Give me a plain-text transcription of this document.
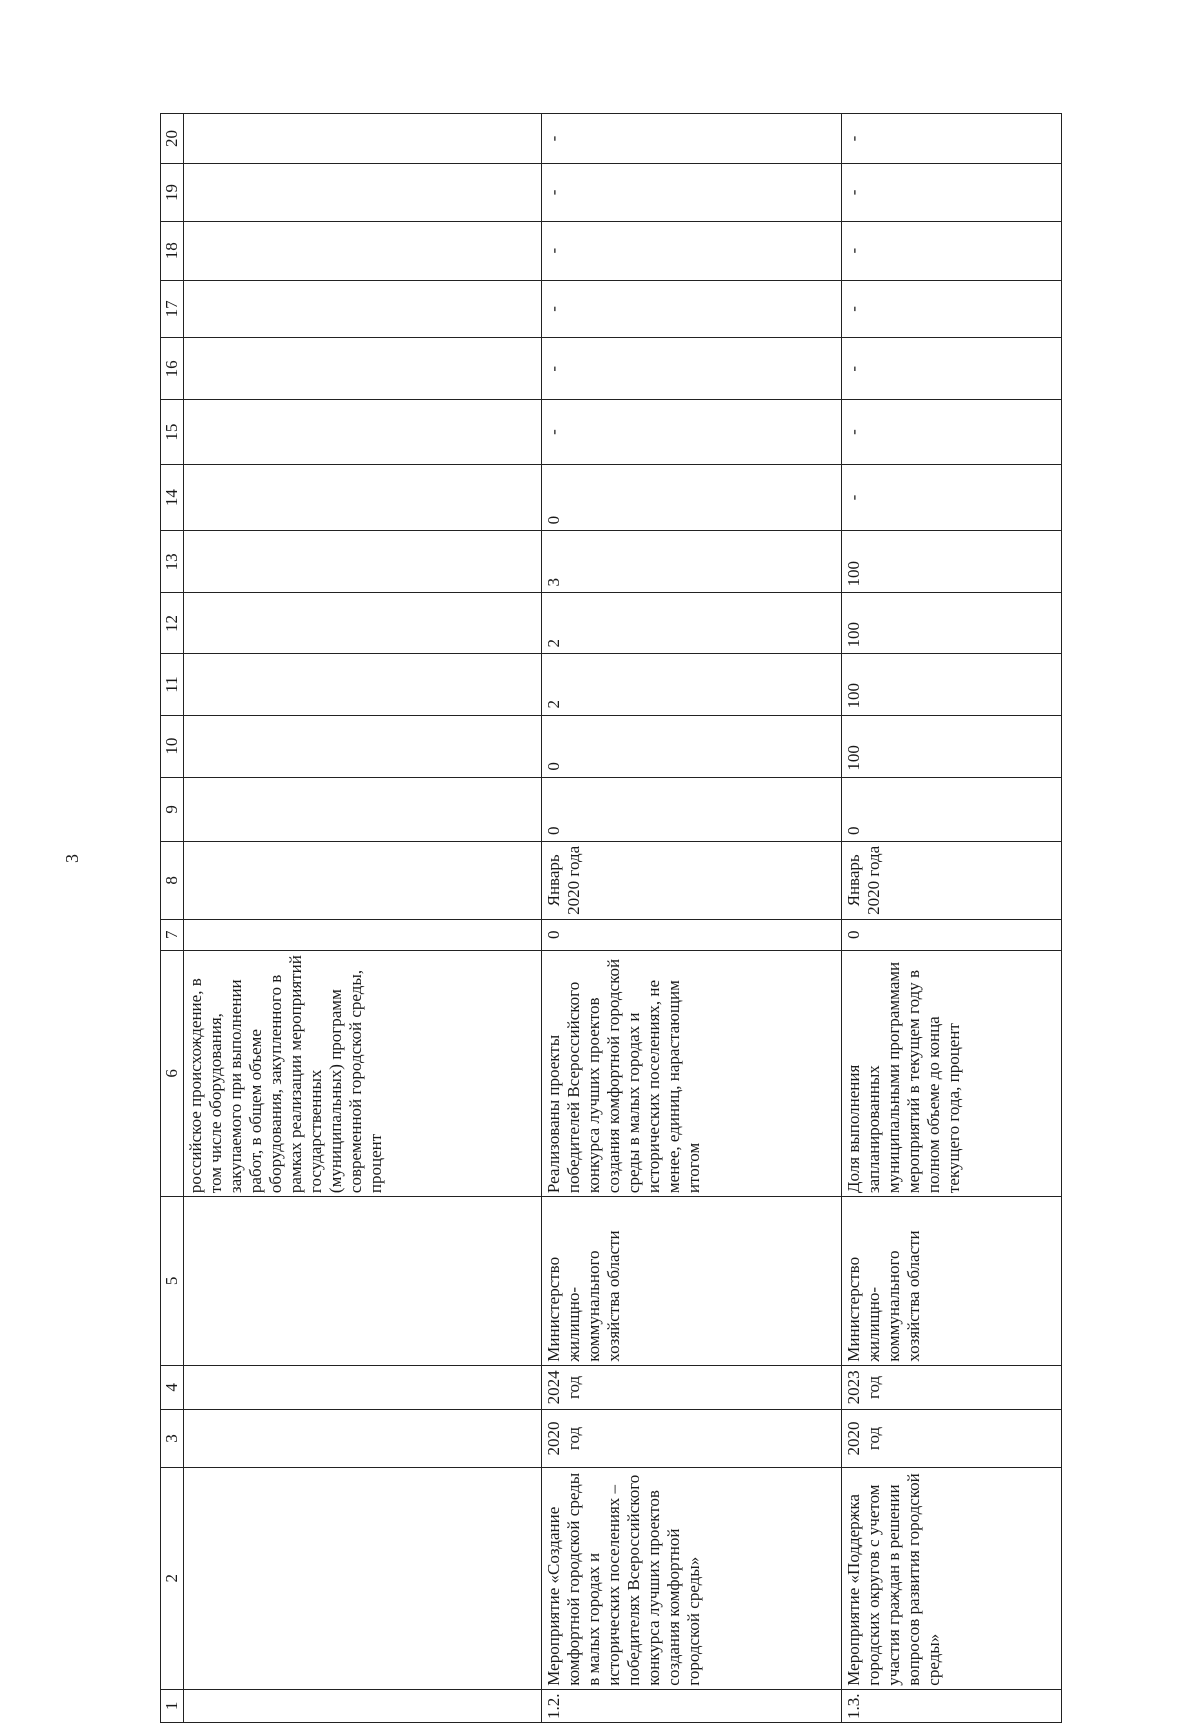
3
1	2	3	4	5	6	7	8	9	10	11	12	13	14	15	16	17	18	19	20
					российское происхождение, в том числе оборудования, закупаемого при выполнении работ, в общем объеме оборудования, закупленного в рамках реализации мероприятий государственных (муниципальных) программ современной городской среды, процент														
1.2.	Мероприятие «Создание комфортной городской среды в малых городах и исторических поселениях – победителях Всероссийского конкурса лучших проектов создания комфортной городской среды»	2020 год	2024 год	Министерство жилищно-коммунального хозяйства области	Реализованы проекты победителей Всероссийского конкурса лучших проектов создания комфортной городской среды в малых городах и исторических поселениях, не менее, единиц, нарастающим итогом	0	Январь 2020 года	0	0	2	2	3	0	-	-	-	-	-	-
1.3.	Мероприятие «Поддержка городских округов с учетом участия граждан в решении вопросов развития городской среды»	2020 год	2023 год	Министерство жилищно-коммунального хозяйства области	Доля выполнения запланированных муниципальными программами мероприятий в текущем году в полном объеме до конца текущего года, процент	0	Январь 2020 года	0	100	100	100	100	-	-	-	-	-	-	-
